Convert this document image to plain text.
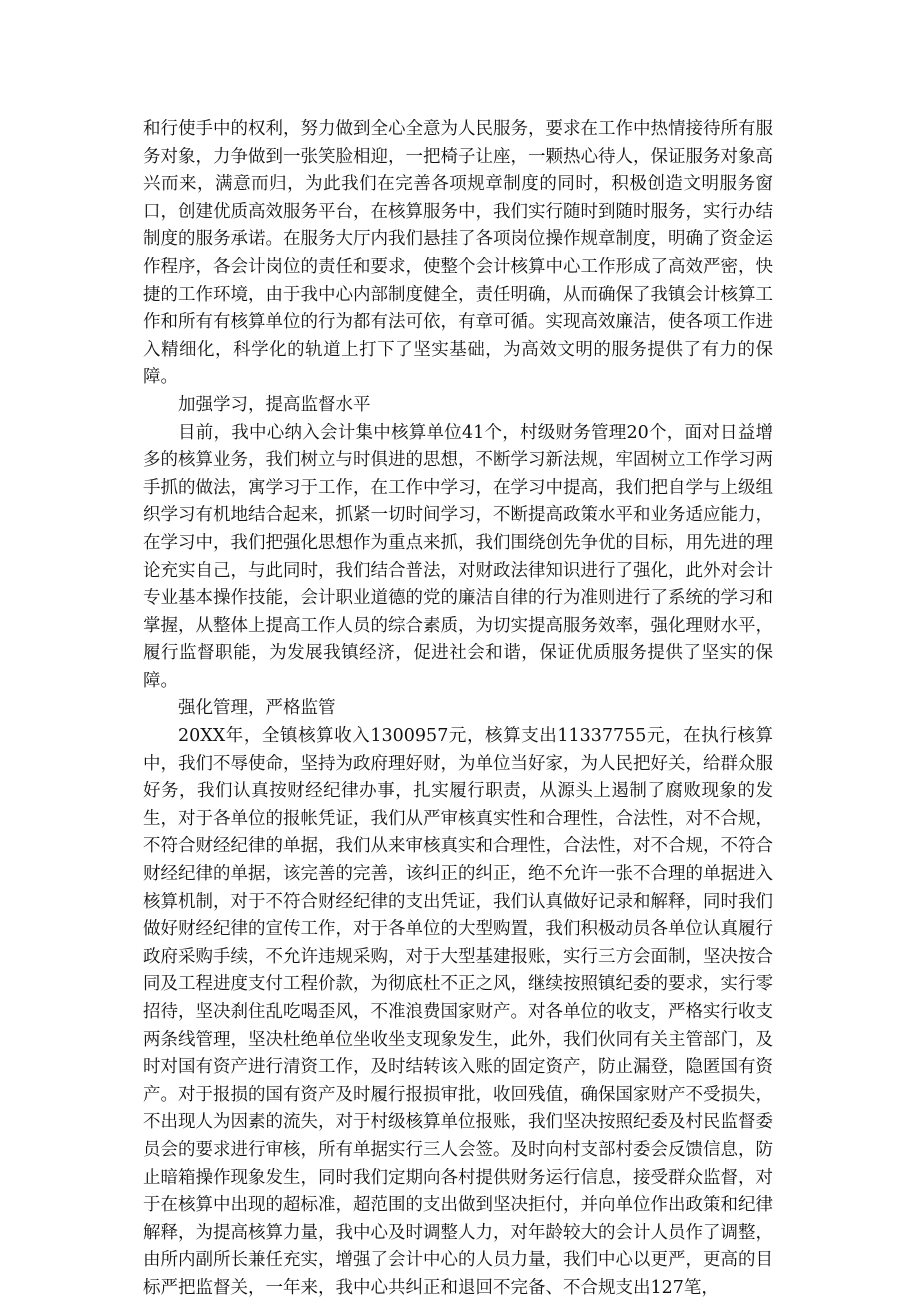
和行使手中的权利，努力做到全心全意为人民服务，要求在工作中热情接待所有服务对象，力争做到一张笑脸相迎，一把椅子让座，一颗热心待人，保证服务对象高兴而来，满意而归，为此我们在完善各项规章制度的同时，积极创造文明服务窗口，创建优质高效服务平台，在核算服务中，我们实行随时到随时服务，实行办结制度的服务承诺。在服务大厅内我们悬挂了各项岗位操作规章制度，明确了资金运作程序，各会计岗位的责任和要求，使整个会计核算中心工作形成了高效严密，快捷的工作环境，由于我中心内部制度健全，责任明确，从而确保了我镇会计核算工作和所有有核算单位的行为都有法可依，有章可循。实现高效廉洁，使各项工作进入精细化，科学化的轨道上打下了坚实基础，为高效文明的服务提供了有力的保障。

加强学习，提高监督水平

目前，我中心纳入会计集中核算单位41个，村级财务管理20个，面对日益增多的核算业务，我们树立与时俱进的思想，不断学习新法规，牢固树立工作学习两手抓的做法，寓学习于工作，在工作中学习，在学习中提高，我们把自学与上级组织学习有机地结合起来，抓紧一切时间学习，不断提高政策水平和业务适应能力，在学习中，我们把强化思想作为重点来抓，我们围绕创先争优的目标，用先进的理论充实自己，与此同时，我们结合普法，对财政法律知识进行了强化，此外对会计专业基本操作技能，会计职业道德的党的廉洁自律的行为准则进行了系统的学习和掌握，从整体上提高工作人员的综合素质，为切实提高服务效率，强化理财水平，履行监督职能，为发展我镇经济，促进社会和谐，保证优质服务提供了坚实的保障。

强化管理，严格监管

20XX年，全镇核算收入1300957元，核算支出11337755元，在执行核算中，我们不辱使命，坚持为政府理好财，为单位当好家，为人民把好关，给群众服好务，我们认真按财经纪律办事，扎实履行职责，从源头上遏制了腐败现象的发生，对于各单位的报帐凭证，我们从严审核真实性和合理性，合法性，对不合规，不符合财经纪律的单据，我们从来审核真实和合理性，合法性，对不合规，不符合财经纪律的单据，该完善的完善，该纠正的纠正，绝不允许一张不合理的单据进入核算机制，对于不符合财经纪律的支出凭证，我们认真做好记录和解释，同时我们做好财经纪律的宣传工作，对于各单位的大型购置，我们积极动员各单位认真履行政府采购手续，不允许违规采购，对于大型基建报账，实行三方会面制，坚决按合同及工程进度支付工程价款，为彻底杜不正之风，继续按照镇纪委的要求，实行零招待，坚决刹住乱吃喝歪风，不准浪费国家财产。对各单位的收支，严格实行收支两条线管理，坚决杜绝单位坐收坐支现象发生，此外，我们伙同有关主管部门，及时对国有资产进行清资工作，及时结转该入账的固定资产，防止漏登，隐匿国有资产。对于报损的国有资产及时履行报损审批，收回残值，确保国家财产不受损失，不出现人为因素的流失，对于村级核算单位报账，我们坚决按照纪委及村民监督委员会的要求进行审核，所有单据实行三人会签。及时向村支部村委会反馈信息，防止暗箱操作现象发生，同时我们定期向各村提供财务运行信息，接受群众监督，对于在核算中出现的超标准，超范围的支出做到坚决拒付，并向单位作出政策和纪律解释，为提高核算力量，我中心及时调整人力，对年龄较大的会计人员作了调整，由所内副所长兼任充实，增强了会计中心的人员力量，我们中心以更严，更高的目标严把监督关，一年来，我中心共纠正和退回不完备、不合规支出127笔，
